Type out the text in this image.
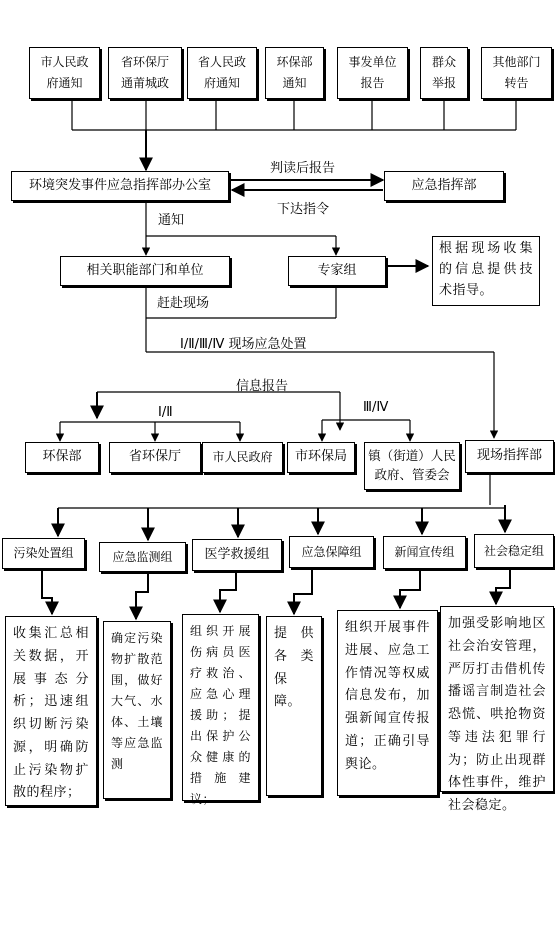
市人民政
府通知
省环保厅
通莆城政
省人民政
府通知
环保部
通知
事发单位
报告
群众
举报
其他部门
转告
环境突发事件应急指挥部办公室	应急指挥部
判读后报告
下达指令
通知
相关职能部门和单位	专家组
根据现场收集的信息提供技术指导。
赶赴现场
Ⅰ/Ⅱ/Ⅲ/Ⅳ 现场应急处置
信息报告
Ⅰ/Ⅱ	Ⅲ/Ⅳ
环保部	省环保厅	市人民政府	市环保局	镇（街道）人民政府、管委会
现场指挥部
污染处置组	应急监测组	医学救援组	应急保障组	新闻宣传组	社会稳定组
收集汇总相关数据，开展事态分析；迅速组织切断污染源，明确防止污染物扩散的程序；
确定污染物扩散范围，做好大气、水体、土壤等应急监测
组织开展伤病员医疗救治、应急心理援助；提出保护公众健康的措施建议；
提供各类保障。
组织开展事件进展、应急工作情况等权威信息发布，加强新闻宣传报道；正确引导舆论。
加强受影响地区社会治安管理，严厉打击借机传播谣言制造社会恐慌、哄抢物资等违法犯罪行为；防止出现群体性事件，维护社会稳定。
